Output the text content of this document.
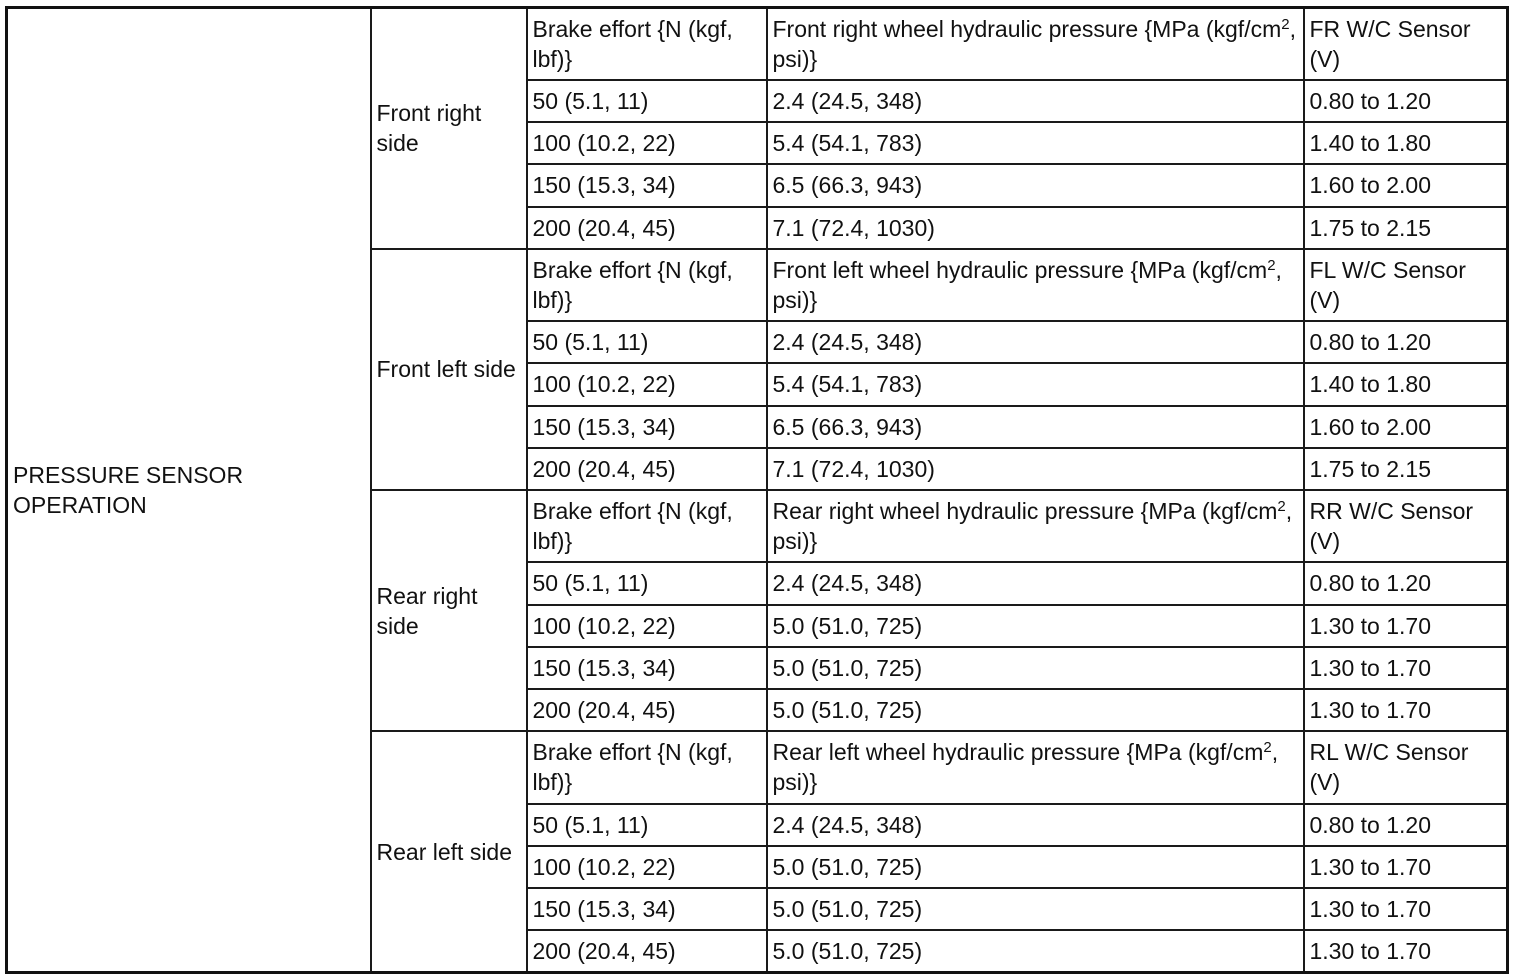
PRESSURE SENSOR OPERATION	Front right side	Brake effort {N (kgf, lbf)}	Front right wheel hydraulic pressure {MPa ($kgf/cm^2$, psi)}	FR W/C Sensor (V)
		50 (5.1, 11)	2.4 (24.5, 348)	0.80 to 1.20
		100 (10.2, 22)	5.4 (54.1, 783)	1.40 to 1.80
		150 (15.3, 34)	6.5 (66.3, 943)	1.60 to 2.00
		200 (20.4, 45)	7.1 (72.4, 1030)	1.75 to 2.15
	Front left side	Brake effort {N (kgf, lbf)}	Front left wheel hydraulic pressure {MPa ($kgf/cm^2$, psi)}	FL W/C Sensor (V)
		50 (5.1, 11)	2.4 (24.5, 348)	0.80 to 1.20
		100 (10.2, 22)	5.4 (54.1, 783)	1.40 to 1.80
		150 (15.3, 34)	6.5 (66.3, 943)	1.60 to 2.00
		200 (20.4, 45)	7.1 (72.4, 1030)	1.75 to 2.15
	Rear right side	Brake effort {N (kgf, lbf)}	Rear right wheel hydraulic pressure {MPa ($kgf/cm^2$, psi)}	RR W/C Sensor (V)
		50 (5.1, 11)	2.4 (24.5, 348)	0.80 to 1.20
		100 (10.2, 22)	5.0 (51.0, 725)	1.30 to 1.70
		150 (15.3, 34)	5.0 (51.0, 725)	1.30 to 1.70
		200 (20.4, 45)	5.0 (51.0, 725)	1.30 to 1.70
	Rear left side	Brake effort {N (kgf, lbf)}	Rear left wheel hydraulic pressure {MPa ($kgf/cm^2$, psi)}	RL W/C Sensor (V)
		50 (5.1, 11)	2.4 (24.5, 348)	0.80 to 1.20
		100 (10.2, 22)	5.0 (51.0, 725)	1.30 to 1.70
		150 (15.3, 34)	5.0 (51.0, 725)	1.30 to 1.70
		200 (20.4, 45)	5.0 (51.0, 725)	1.30 to 1.70
